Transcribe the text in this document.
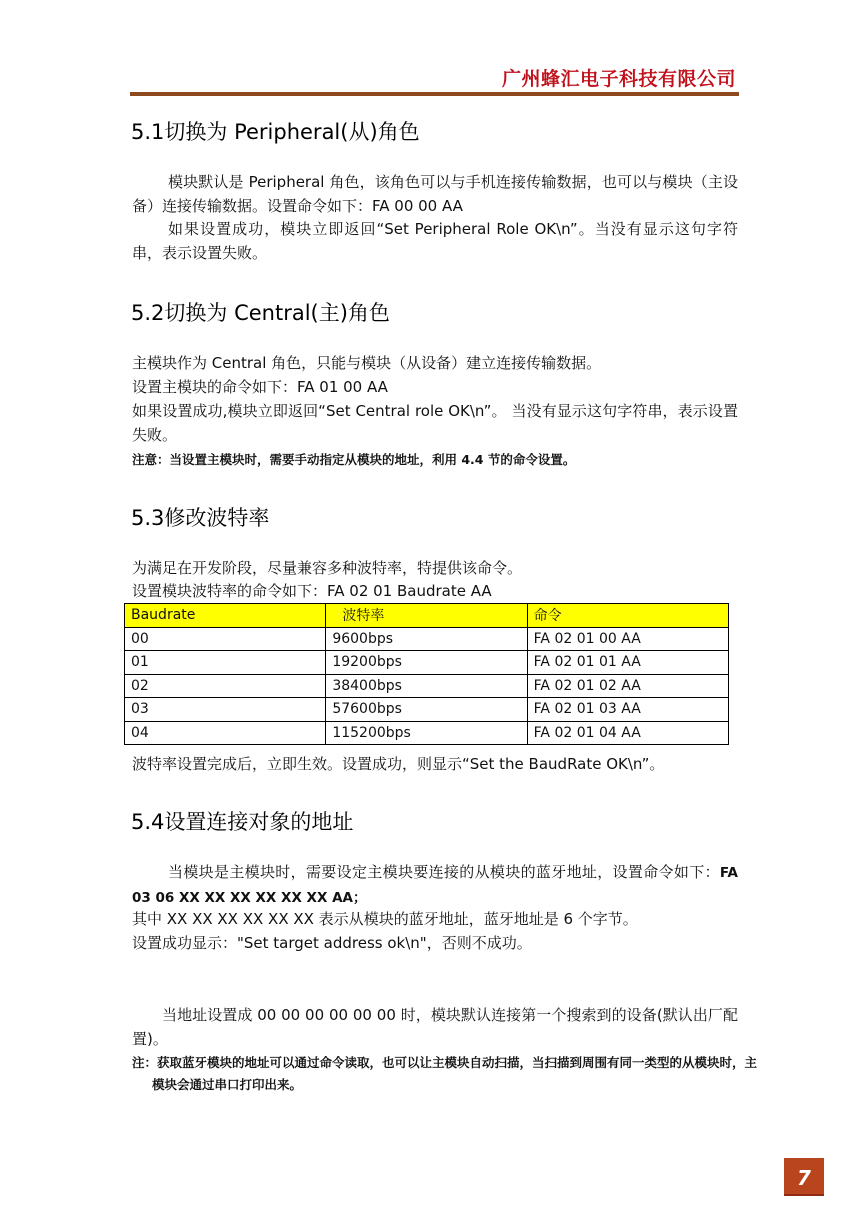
广州蜂汇电子科技有限公司
5.1切换为 Peripheral(从)角色

模块默认是 Peripheral 角色，该角色可以与手机连接传输数据，也可以与模块（主设备）连接传输数据。设置命令如下：FA 00 00 AA

如果设置成功，模块立即返回“Set Peripheral Role OK\n”。当没有显示这句字符串，表示设置失败。

5.2切换为 Central(主)角色

主模块作为 Central 角色，只能与模块（从设备）建立连接传输数据。

设置主模块的命令如下：FA 01 00 AA

如果设置成功,模块立即返回“Set Central role OK\n”。 当没有显示这句字符串，表示设置失败。

注意：当设置主模块时，需要手动指定从模块的地址，利用 4.4 节的命令设置。

5.3修改波特率

为满足在开发阶段，尽量兼容多种波特率，特提供该命令。

设置模块波特率的命令如下：FA 02 01 Baudrate AA

Baudrate	波特率	命令
00	9600bps	FA 02 01 00 AA
01	19200bps	FA 02 01 01 AA
02	38400bps	FA 02 01 02 AA
03	57600bps	FA 02 01 03 AA
04	115200bps	FA 02 01 04 AA

波特率设置完成后，立即生效。设置成功，则显示“Set the BaudRate OK\n”。

5.4设置连接对象的地址

当模块是主模块时，需要设定主模块要连接的从模块的蓝牙地址，设置命令如下：FA 03 06 XX XX XX XX XX XX AA；

其中 XX XX XX XX XX XX 表示从模块的蓝牙地址，蓝牙地址是 6 个字节。

设置成功显示："Set target address ok\n"，否则不成功。

当地址设置成 00 00 00 00 00 00 时，模块默认连接第一个搜索到的设备(默认出厂配置)。

注：获取蓝牙模块的地址可以通过命令读取，也可以让主模块自动扫描，当扫描到周围有同一类型的从模块时，主模块会通过串口打印出来。

7
